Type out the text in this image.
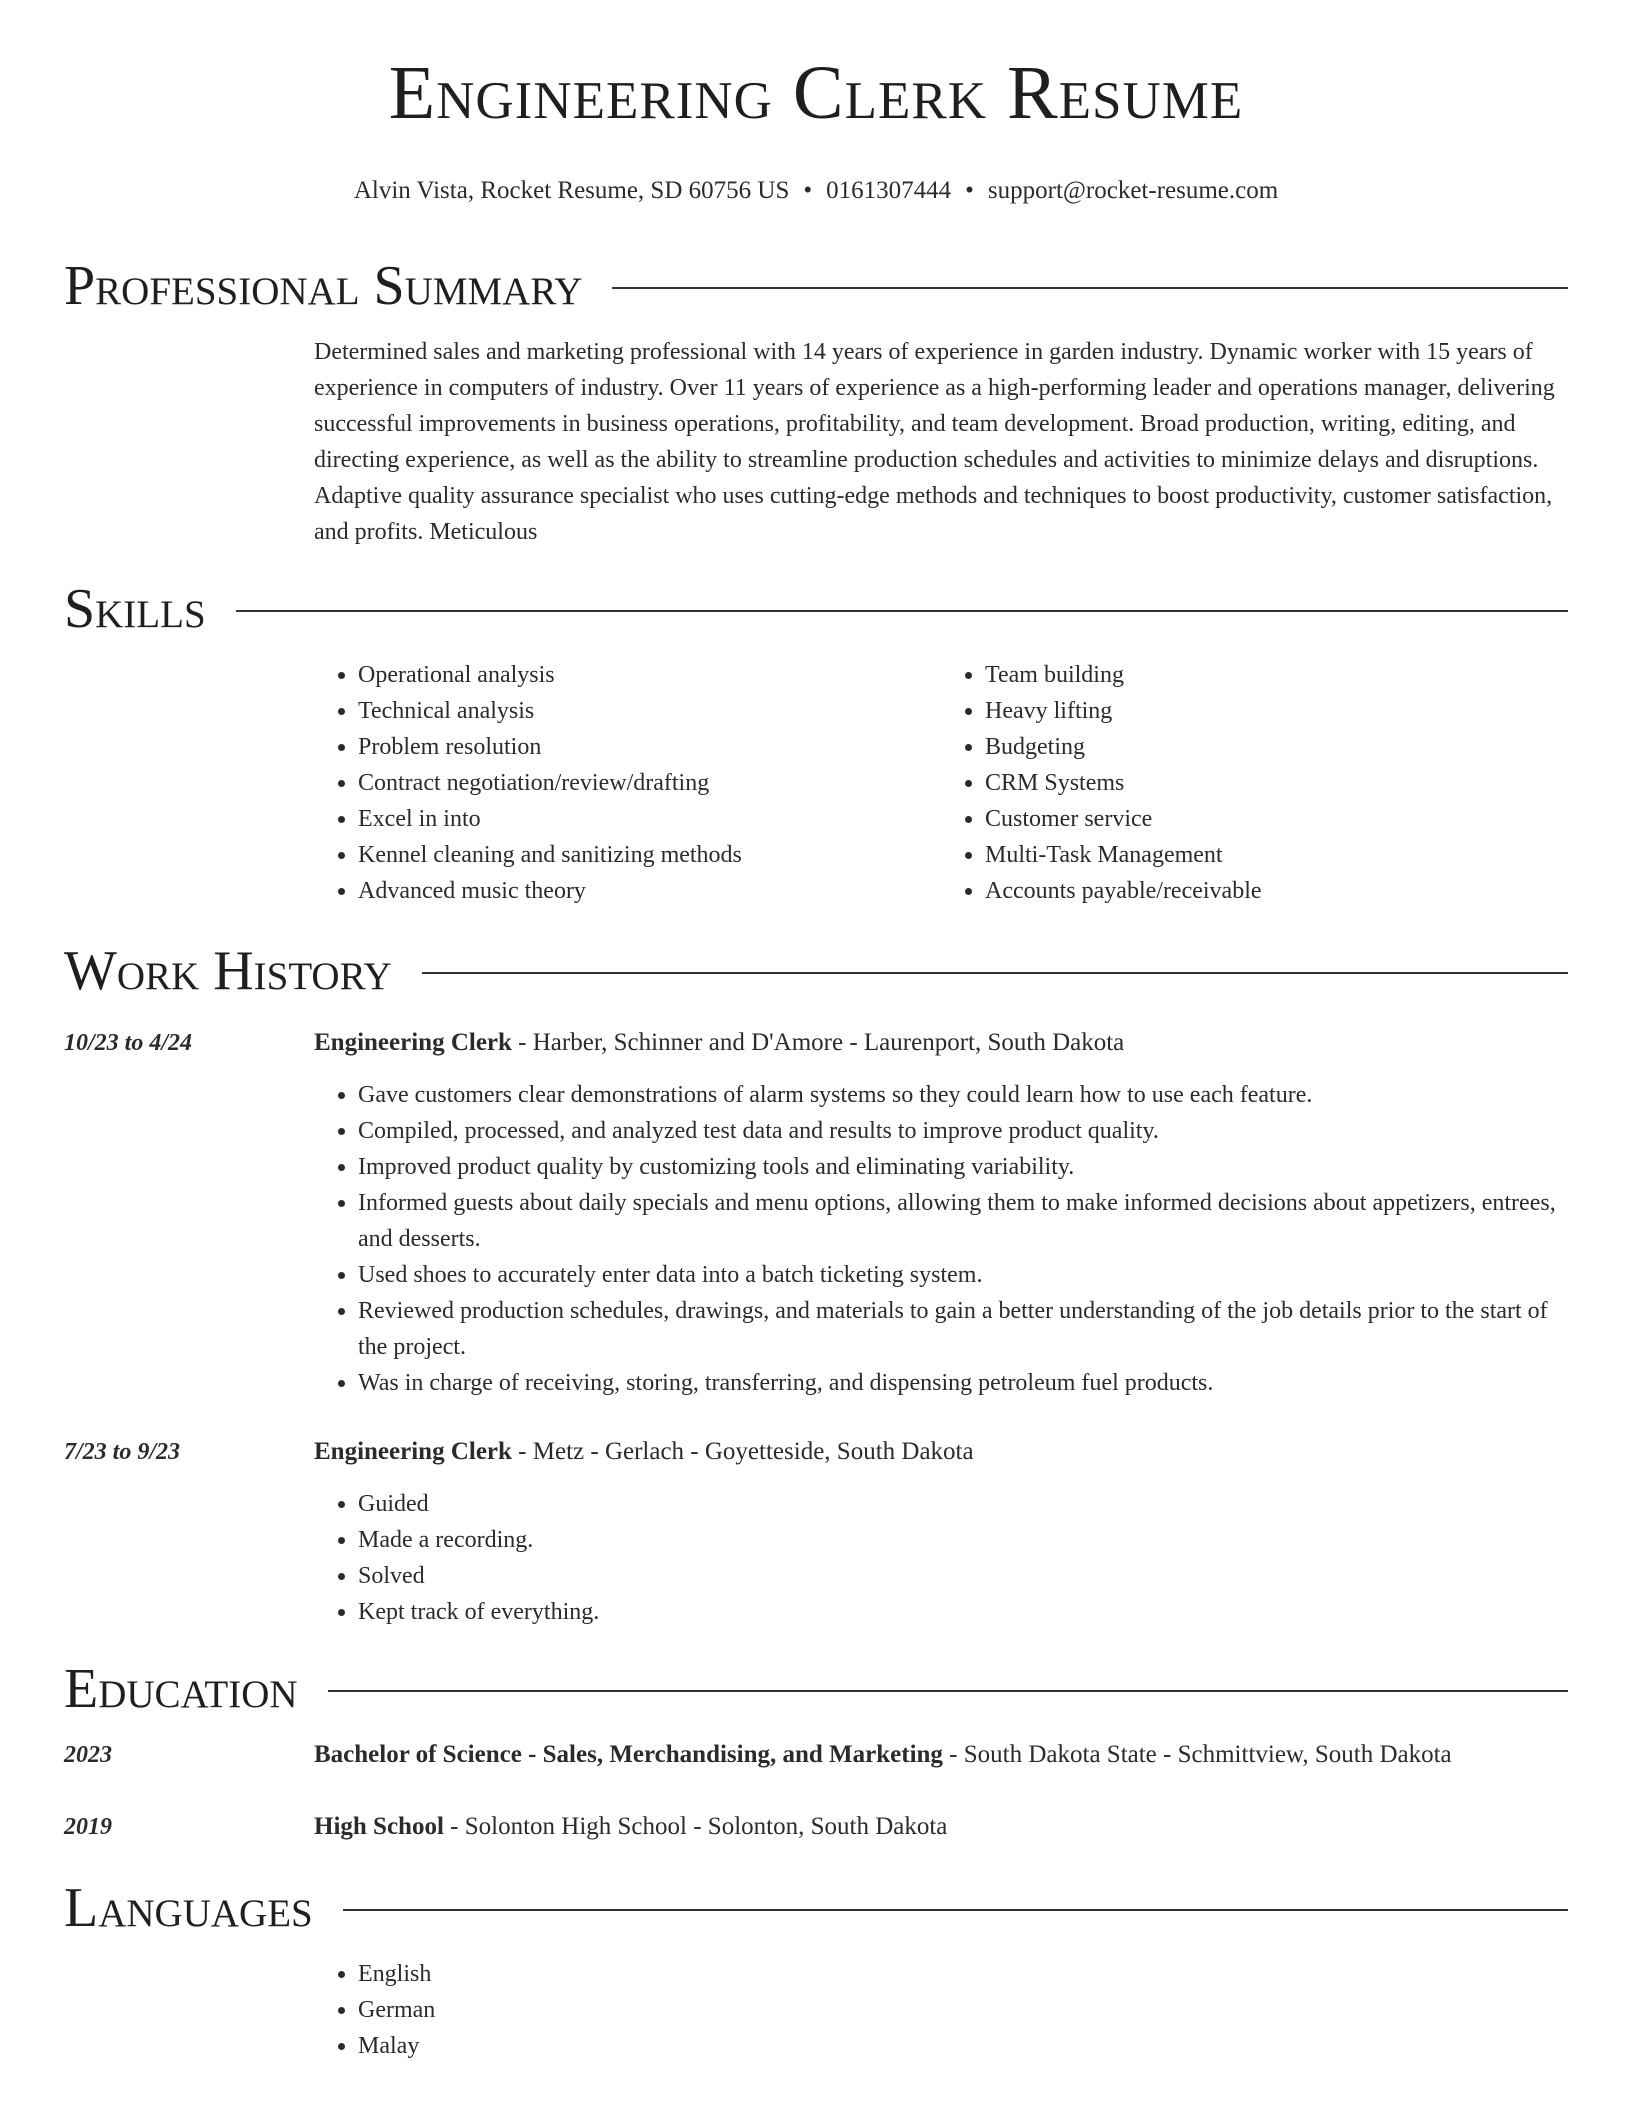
Engineering Clerk Resume
Alvin Vista, Rocket Resume, SD 60756 US • 0161307444 • support@rocket-resume.com
Professional Summary

Determined sales and marketing professional with 14 years of experience in garden industry. Dynamic worker with 15 years of experience in computers of industry. Over 11 years of experience as a high-performing leader and operations manager, delivering successful improvements in business operations, profitability, and team development. Broad production, writing, editing, and directing experience, as well as the ability to streamline production schedules and activities to minimize delays and disruptions. Adaptive quality assurance specialist who uses cutting-edge methods and techniques to boost productivity, customer satisfaction, and profits. Meticulous

Skills
• Operational analysis
• Technical analysis
• Problem resolution
• Contract negotiation/review/drafting
• Excel in into
• Kennel cleaning and sanitizing methods
• Advanced music theory
• Team building
• Heavy lifting
• Budgeting
• CRM Systems
• Customer service
• Multi-Task Management
• Accounts payable/receivable
Work History
10/23 to 4/24	Engineering Clerk - Harber, Schinner and D'Amore - Laurenport, South Dakota
• Gave customers clear demonstrations of alarm systems so they could learn how to use each feature.
• Compiled, processed, and analyzed test data and results to improve product quality.
• Improved product quality by customizing tools and eliminating variability.
• Informed guests about daily specials and menu options, allowing them to make informed decisions about appetizers, entrees, and desserts.
• Used shoes to accurately enter data into a batch ticketing system.
• Reviewed production schedules, drawings, and materials to gain a better understanding of the job details prior to the start of the project.
• Was in charge of receiving, storing, transferring, and dispensing petroleum fuel products.
7/23 to 9/23	Engineering Clerk - Metz - Gerlach - Goyetteside, South Dakota
• Guided
• Made a recording.
• Solved
• Kept track of everything.
Education
2023	Bachelor of Science - Sales, Merchandising, and Marketing - South Dakota State - Schmittview, South Dakota
2019	High School - Solonton High School - Solonton, South Dakota
Languages
• English
• German
• Malay
